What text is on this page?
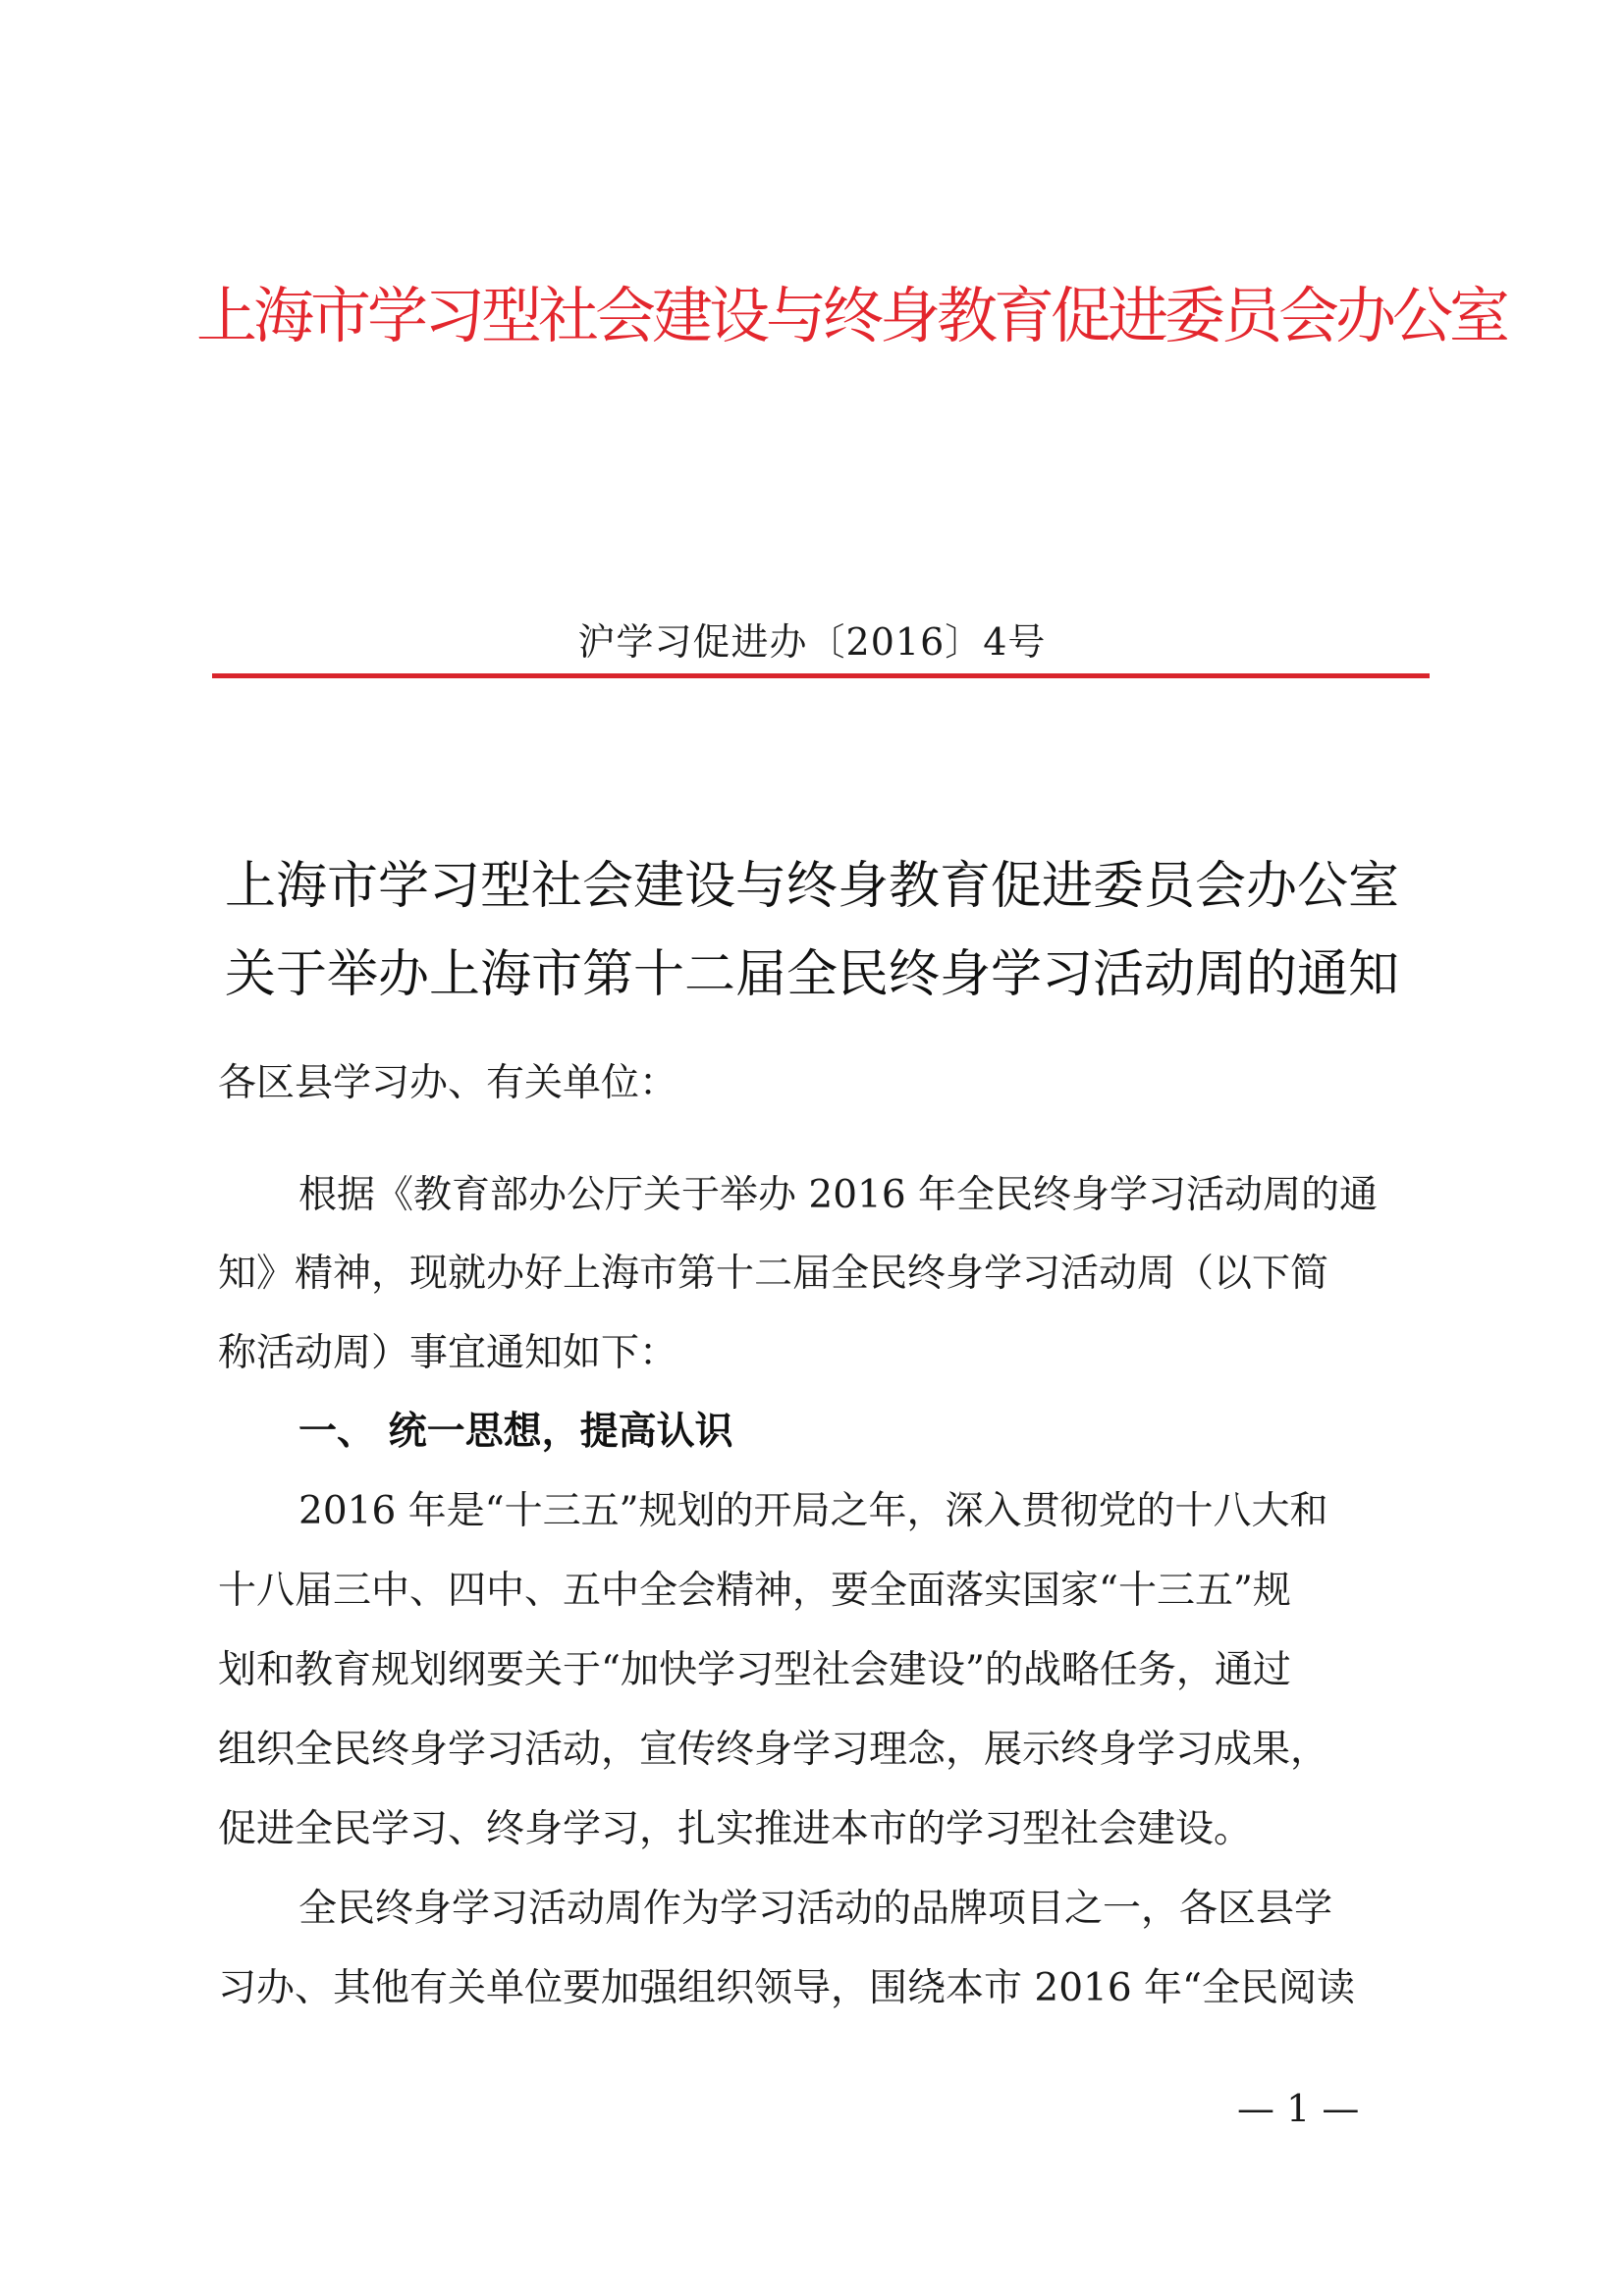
上海市学习型社会建设与终身教育促进委员会办公室
沪学习促进办〔2016〕4号
上海市学习型社会建设与终身教育促进委员会办公室
关于举办上海市第十二届全民终身学习活动周的通知
各区县学习办、有关单位：
根据《教育部办公厅关于举办 2016 年全民终身学习活动周的通
知》精神，现就办好上海市第十二届全民终身学习活动周（以下简
称活动周）事宜通知如下：
一、 统一思想，提高认识
2016 年是“十三五”规划的开局之年，深入贯彻党的十八大和
十八届三中、四中、五中全会精神，要全面落实国家“十三五”规
划和教育规划纲要关于“加快学习型社会建设”的战略任务，通过
组织全民终身学习活动，宣传终身学习理念，展示终身学习成果，
促进全民学习、终身学习，扎实推进本市的学习型社会建设。
全民终身学习活动周作为学习活动的品牌项目之一，各区县学
习办、其他有关单位要加强组织领导，围绕本市 2016 年“全民阅读
— 1 —
